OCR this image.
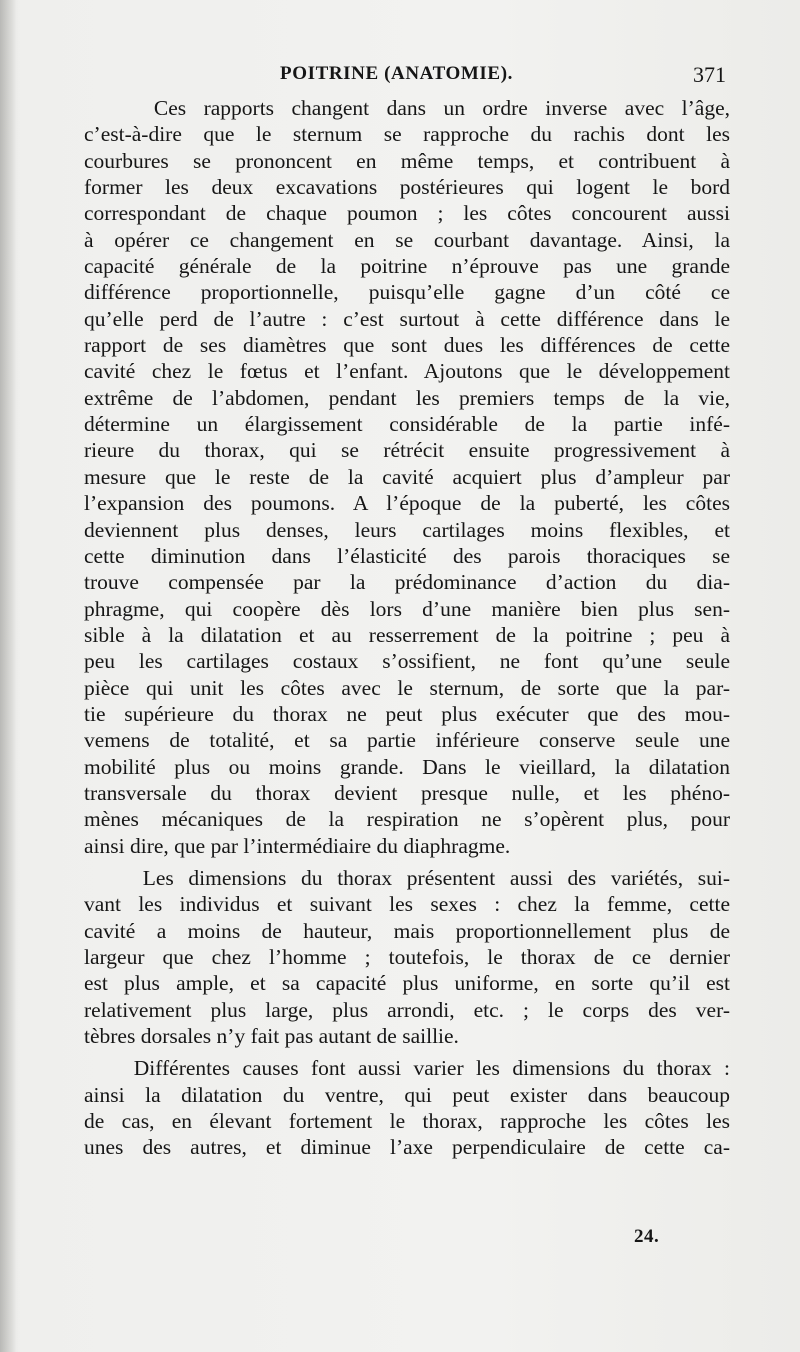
POITRINE (ANATOMIE).	371
Ces rapports changent dans un ordre inverse avec l’âge,
c’est-à-dire que le sternum se rapproche du rachis dont les
courbures se prononcent en même temps, et contribuent à
former les deux excavations postérieures qui logent le bord
correspondant de chaque poumon ; les côtes concourent aussi
à opérer ce changement en se courbant davantage. Ainsi, la
capacité générale de la poitrine n’éprouve pas une grande
différence proportionnelle, puisqu’elle gagne d’un côté ce
qu’elle perd de l’autre : c’est surtout à cette différence dans le
rapport de ses diamètres que sont dues les différences de cette
cavité chez le fœtus et l’enfant. Ajoutons que le développement
extrême de l’abdomen, pendant les premiers temps de la vie,
détermine un élargissement considérable de la partie infé-
rieure du thorax, qui se rétrécit ensuite progressivement à
mesure que le reste de la cavité acquiert plus d’ampleur par
l’expansion des poumons. A l’époque de la puberté, les côtes
deviennent plus denses, leurs cartilages moins flexibles, et
cette diminution dans l’élasticité des parois thoraciques se
trouve compensée par la prédominance d’action du dia-
phragme, qui coopère dès lors d’une manière bien plus sen-
sible à la dilatation et au resserrement de la poitrine ; peu à
peu les cartilages costaux s’ossifient, ne font qu’une seule
pièce qui unit les côtes avec le sternum, de sorte que la par-
tie supérieure du thorax ne peut plus exécuter que des mou-
vemens de totalité, et sa partie inférieure conserve seule une
mobilité plus ou moins grande. Dans le vieillard, la dilatation
transversale du thorax devient presque nulle, et les phéno-
mènes mécaniques de la respiration ne s’opèrent plus, pour
ainsi dire, que par l’intermédiaire du diaphragme.
Les dimensions du thorax présentent aussi des variétés, sui-
vant les individus et suivant les sexes : chez la femme, cette
cavité a moins de hauteur, mais proportionnellement plus de
largeur que chez l’homme ; toutefois, le thorax de ce dernier
est plus ample, et sa capacité plus uniforme, en sorte qu’il est
relativement plus large, plus arrondi, etc. ; le corps des ver-
tèbres dorsales n’y fait pas autant de saillie.
Différentes causes font aussi varier les dimensions du thorax :
ainsi la dilatation du ventre, qui peut exister dans beaucoup
de cas, en élevant fortement le thorax, rapproche les côtes les
unes des autres, et diminue l’axe perpendiculaire de cette ca-
24.
